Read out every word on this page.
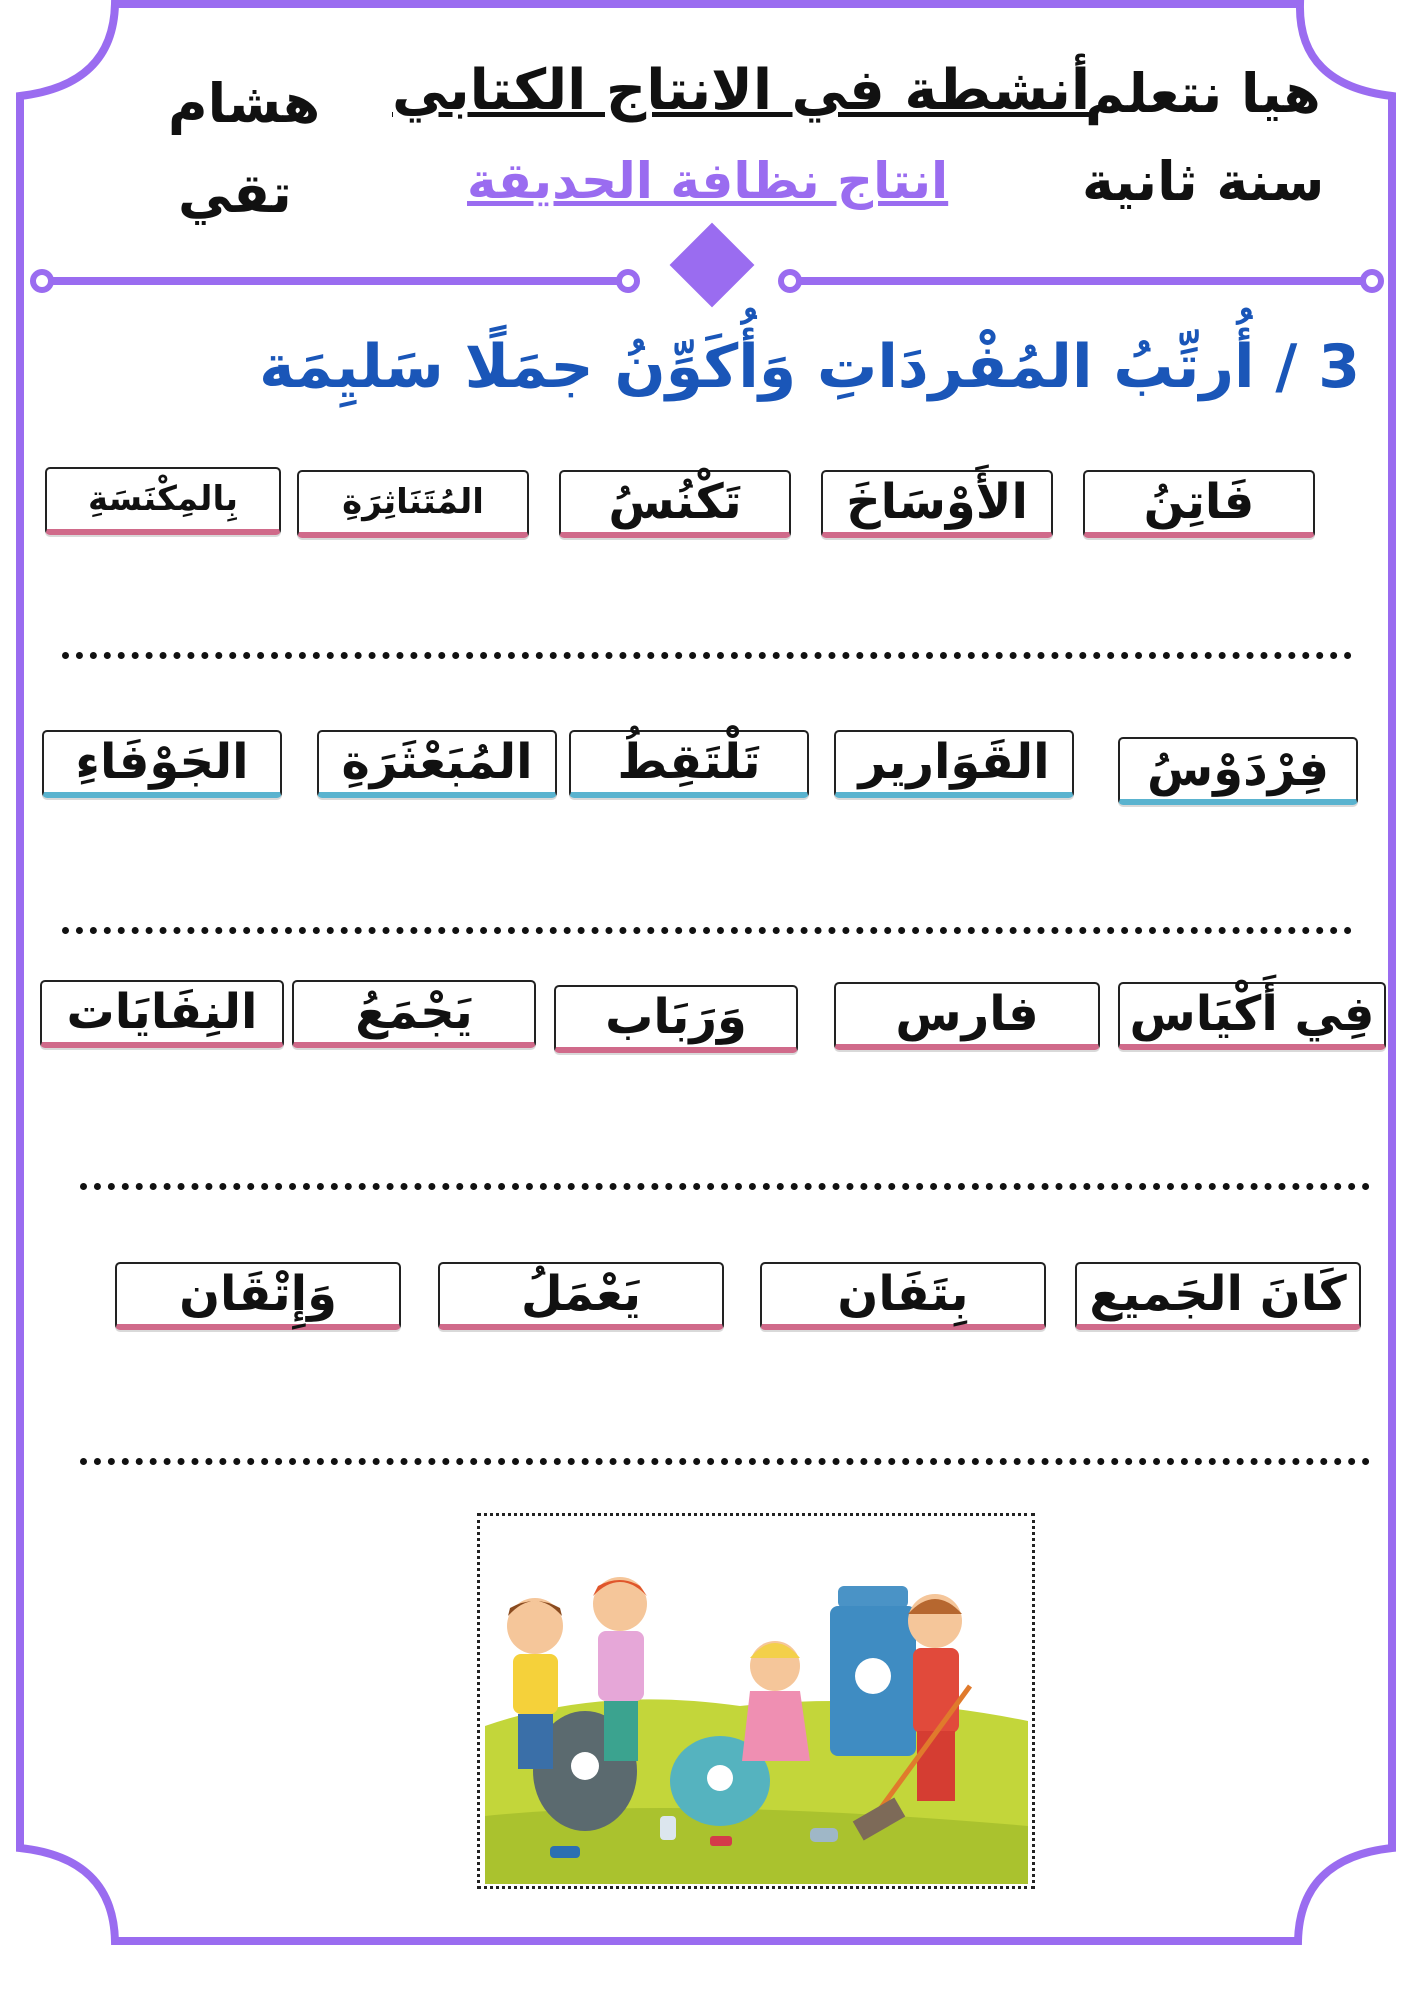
هيا نتعلم
سنة ثانية
أنشطة في الانتاج الكتابي
انتاج نظافة الحديقة
هشام
تقي
3 / أُرتِّبُ المُفْردَاتِ وَأُكَوِّنُ جمَلًا سَليِمَة
فَاتِنُ
الأَوْسَاخَ
تَكْنُسُ
المُتَنَاثِرَةِ
بِالمِكْنَسَةِ
فِرْدَوْسُ
القَوَارير
تَلْتَقِطُ
المُبَعْثَرَةِ
الجَوْفَاءِ
فِي أَكْيَاس
فارس
وَرَبَاب
يَجْمَعُ
النِفَايَات
كَانَ الجَميع
بِتَفَان
يَعْمَلُ
وَإِتْقَان
